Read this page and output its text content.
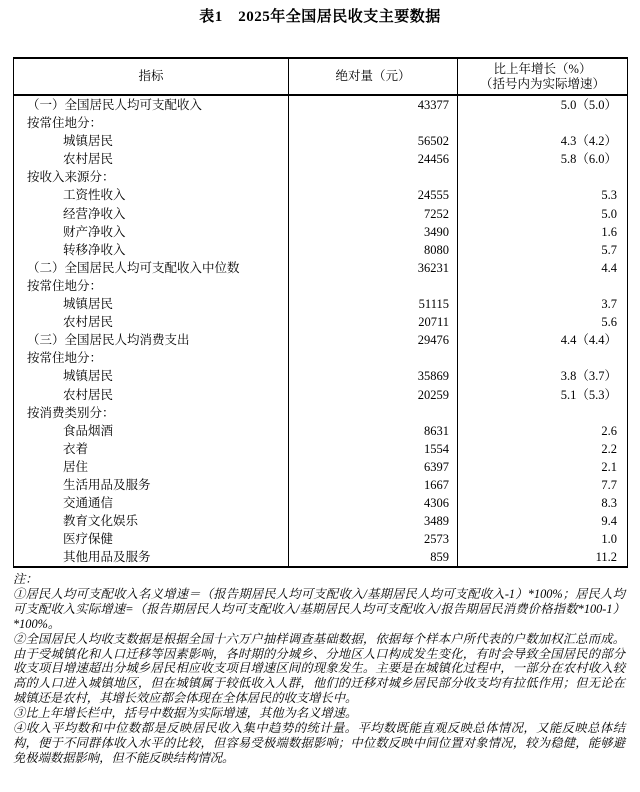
表1　2025年全国居民收支主要数据
指标	绝对量（元）	比上年增长（%）
（括号内为实际增速）

（一）全国居民人均可支配收入	43377	5.0（5.0）
按常住地分：		
城镇居民	56502	4.3（4.2）
农村居民	24456	5.8（6.0）
按收入来源分：		
工资性收入	24555	5.3
经营净收入	7252	5.0
财产净收入	3490	1.6
转移净收入	8080	5.7
（二）全国居民人均可支配收入中位数	36231	4.4
按常住地分：		
城镇居民	51115	3.7
农村居民	20711	5.6
（三）全国居民人均消费支出	29476	4.4（4.4）
按常住地分：		
城镇居民	35869	3.8（3.7）
农村居民	20259	5.1（5.3）
按消费类别分：		
食品烟酒	8631	2.6
衣着	1554	2.2
居住	6397	2.1
生活用品及服务	1667	7.7
交通通信	4306	8.3
教育文化娱乐	3489	9.4
医疗保健	2573	1.0
其他用品及服务	859	11.2
注：
①居民人均可支配收入名义增速＝（报告期居民人均可支配收入/基期居民人均可支配收入-1）*100%；居民人均可支配收入实际增速=（报告期居民人均可支配收入/基期居民人均可支配收入/报告期居民消费价格指数*100-1）*100%。
②全国居民人均收支数据是根据全国十六万户抽样调查基础数据，依据每个样本户所代表的户数加权汇总而成。由于受城镇化和人口迁移等因素影响，各时期的分城乡、分地区人口构成发生变化，有时会导致全国居民的部分收支项目增速超出分城乡居民相应收支项目增速区间的现象发生。主要是在城镇化过程中，一部分在农村收入较高的人口进入城镇地区，但在城镇属于较低收入人群，他们的迁移对城乡居民部分收支均有拉低作用；但无论在城镇还是农村，其增长效应都会体现在全体居民的收支增长中。
③比上年增长栏中，括号中数据为实际增速，其他为名义增速。
④收入平均数和中位数都是反映居民收入集中趋势的统计量。平均数既能直观反映总体情况，又能反映总体结构，便于不同群体收入水平的比较，但容易受极端数据影响；中位数反映中间位置对象情况，较为稳健，能够避免极端数据影响，但不能反映结构情况。
